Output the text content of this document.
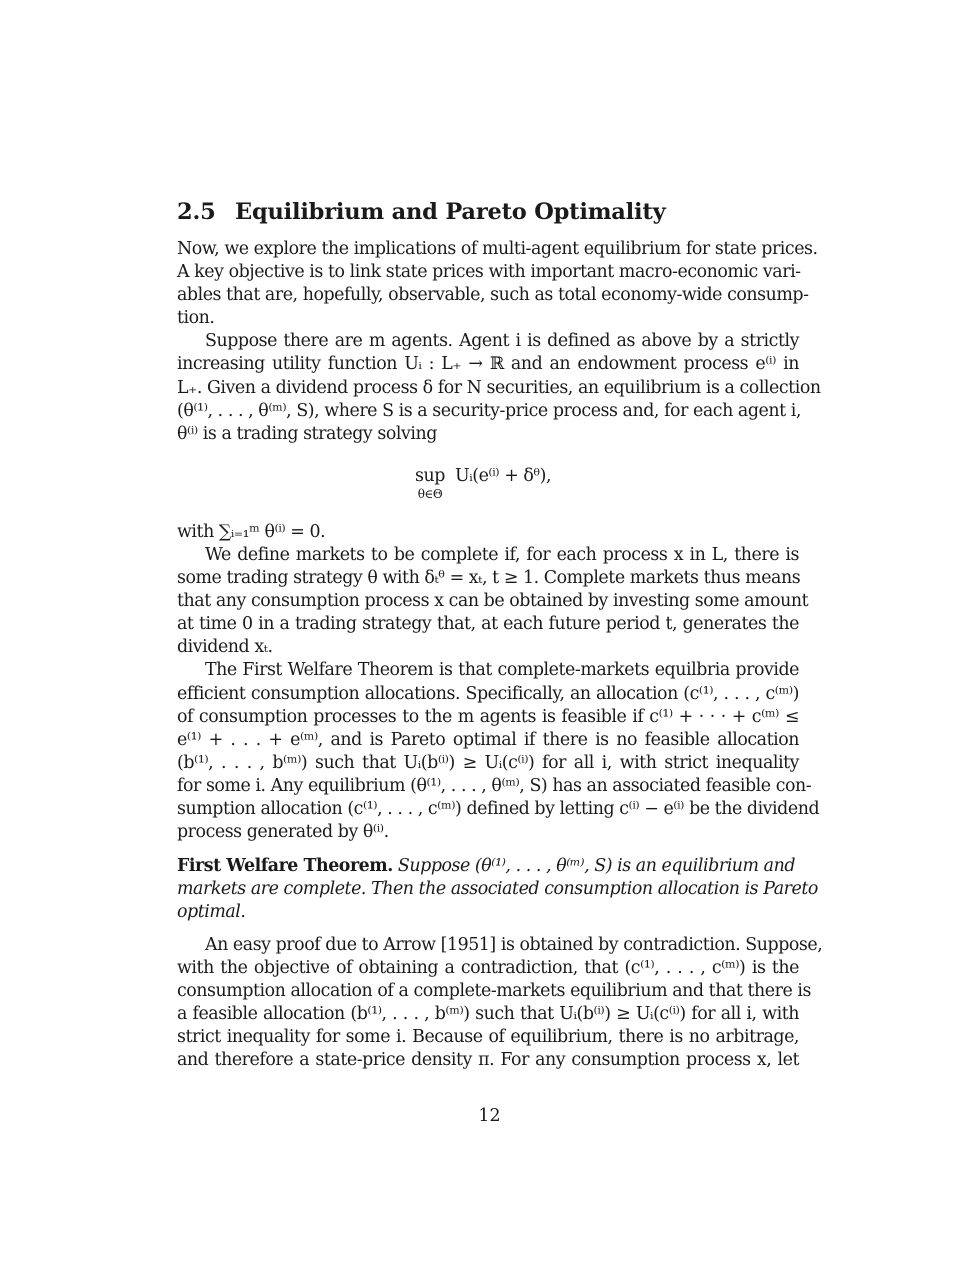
2.5 Equilibrium and Pareto Optimality
Now, we explore the implications of multi-agent equilibrium for state prices.
A key objective is to link state prices with important macro-economic vari-
ables that are, hopefully, observable, such as total economy-wide consump-
tion.
Suppose there are m agents. Agent i is defined as above by a strictly
increasing utility function Uᵢ : L₊ → ℝ and an endowment process e⁽ⁱ⁾ in
L₊. Given a dividend process δ for N securities, an equilibrium is a collection
(θ⁽¹⁾, . . . , θ⁽ᵐ⁾, S), where S is a security-price process and, for each agent i,
θ⁽ⁱ⁾ is a trading strategy solving
sup
θ∈Θ
Uᵢ(e⁽ⁱ⁾ + δᶿ),
with ∑ᵢ₌₁ᵐ θ⁽ⁱ⁾ = 0.
We define markets to be complete if, for each process x in L, there is
some trading strategy θ with δₜᶿ = xₜ, t ≥ 1. Complete markets thus means
that any consumption process x can be obtained by investing some amount
at time 0 in a trading strategy that, at each future period t, generates the
dividend xₜ.
The First Welfare Theorem is that complete-markets equilbria provide
efficient consumption allocations. Specifically, an allocation (c⁽¹⁾, . . . , c⁽ᵐ⁾)
of consumption processes to the m agents is feasible if c⁽¹⁾ + · · · + c⁽ᵐ⁾ ≤
e⁽¹⁾ + . . . + e⁽ᵐ⁾, and is Pareto optimal if there is no feasible allocation
(b⁽¹⁾, . . . , b⁽ᵐ⁾) such that Uᵢ(b⁽ⁱ⁾) ≥ Uᵢ(c⁽ⁱ⁾) for all i, with strict inequality
for some i. Any equilibrium (θ⁽¹⁾, . . . , θ⁽ᵐ⁾, S) has an associated feasible con-
sumption allocation (c⁽¹⁾, . . . , c⁽ᵐ⁾) defined by letting c⁽ⁱ⁾ − e⁽ⁱ⁾ be the dividend
process generated by θ⁽ⁱ⁾.
First Welfare Theorem. Suppose (θ⁽¹⁾, . . . , θ⁽ᵐ⁾, S) is an equilibrium and
markets are complete. Then the associated consumption allocation is Pareto
optimal.
An easy proof due to Arrow [1951] is obtained by contradiction. Suppose,
with the objective of obtaining a contradiction, that (c⁽¹⁾, . . . , c⁽ᵐ⁾) is the
consumption allocation of a complete-markets equilibrium and that there is
a feasible allocation (b⁽¹⁾, . . . , b⁽ᵐ⁾) such that Uᵢ(b⁽ⁱ⁾) ≥ Uᵢ(c⁽ⁱ⁾) for all i, with
strict inequality for some i. Because of equilibrium, there is no arbitrage,
and therefore a state-price density π. For any consumption process x, let
12
